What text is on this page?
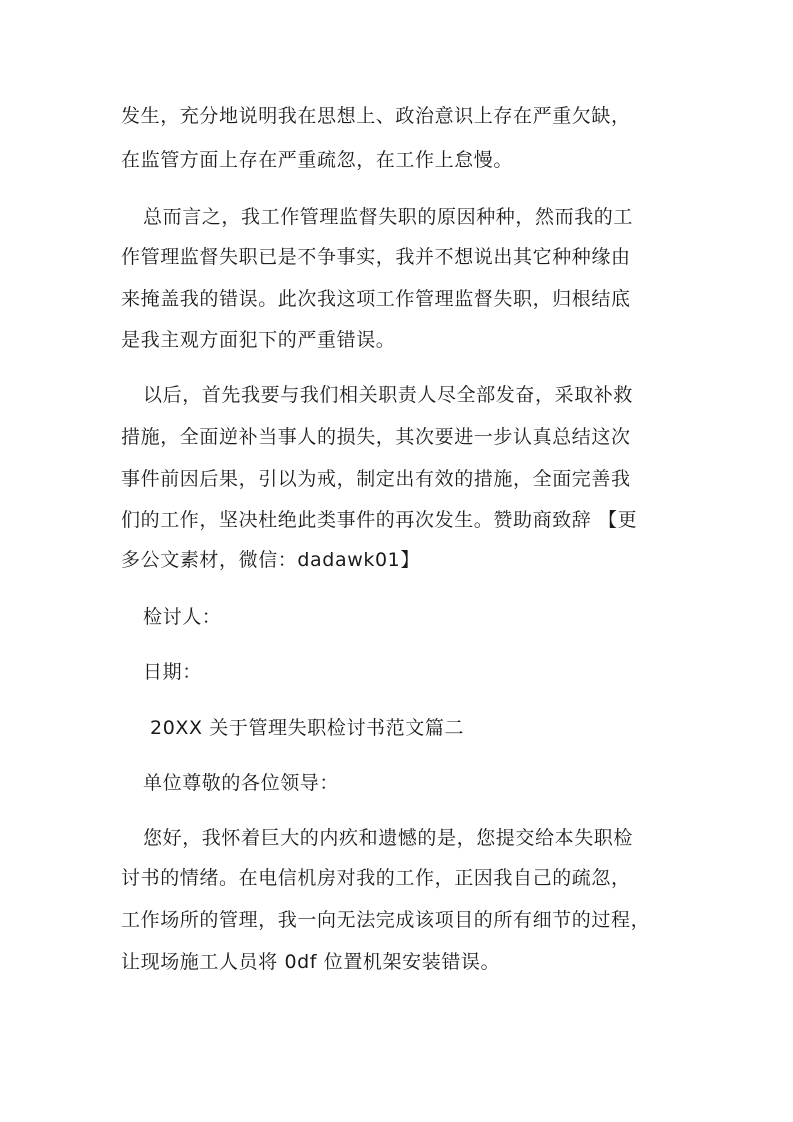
发生，充分地说明我在思想上、政治意识上存在严重欠缺，
在监管方面上存在严重疏忽，在工作上怠慢。
总而言之，我工作管理监督失职的原因种种，然而我的工
作管理监督失职已是不争事实，我并不想说出其它种种缘由
来掩盖我的错误。此次我这项工作管理监督失职，归根结底
是我主观方面犯下的严重错误。
以后，首先我要与我们相关职责人尽全部发奋，采取补救
措施，全面逆补当事人的损失，其次要进一步认真总结这次
事件前因后果，引以为戒，制定出有效的措施，全面完善我
们的工作，坚决杜绝此类事件的再次发生。赞助商致辞 【更
多公文素材，微信：dadawk01】
检讨人：
日期：
20XX 关于管理失职检讨书范文篇二
单位尊敬的各位领导：
您好，我怀着巨大的内疚和遗憾的是，您提交给本失职检
讨书的情绪。在电信机房对我的工作，正因我自己的疏忽，
工作场所的管理，我一向无法完成该项目的所有细节的过程，
让现场施工人员将 0df 位置机架安装错误。
